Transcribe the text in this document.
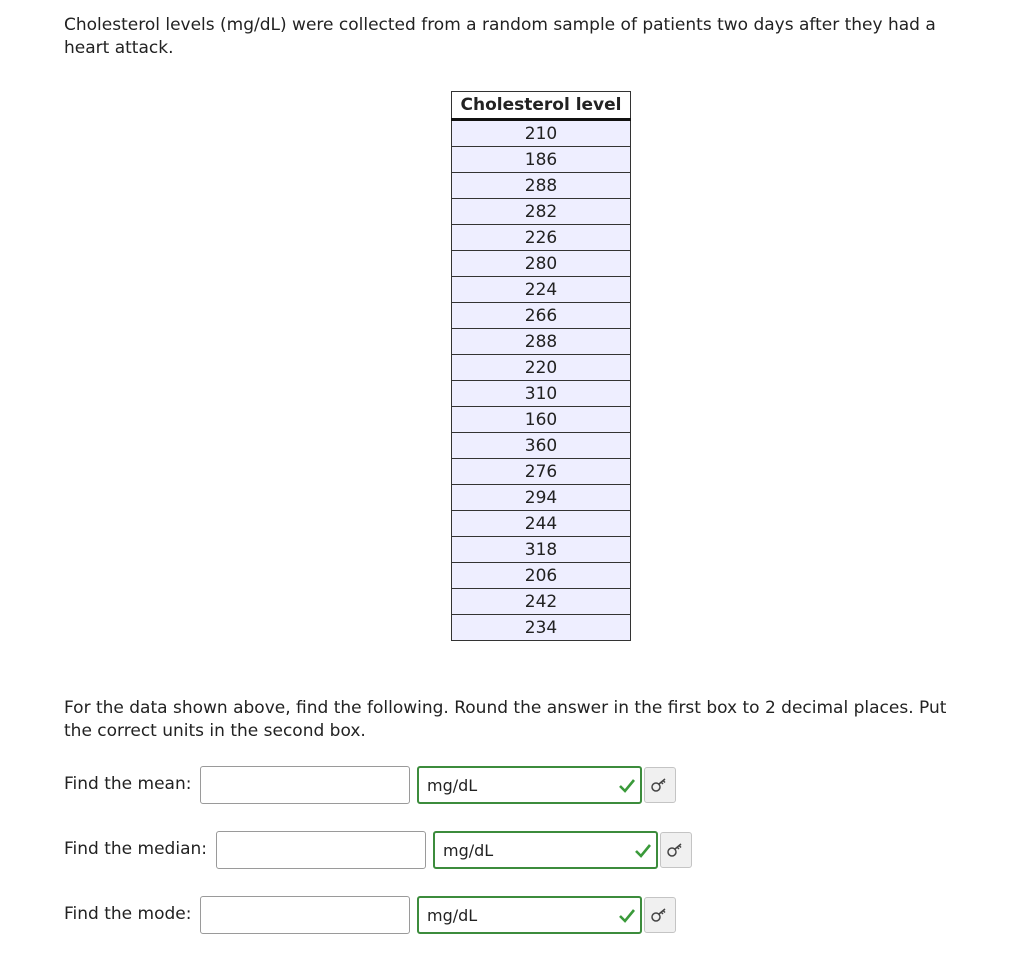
Cholesterol levels (mg/dL) were collected from a random sample of patients two days after they had a heart attack.

Cholesterol level
210
186
288
282
226
280
224
266
288
220
310
160
360
276
294
244
318
206
242
234

For the data shown above, find the following. Round the answer in the first box to 2 decimal places. Put the correct units in the second box.

Find the mean:	mg/dL
Find the median:	mg/dL
Find the mode:	mg/dL
